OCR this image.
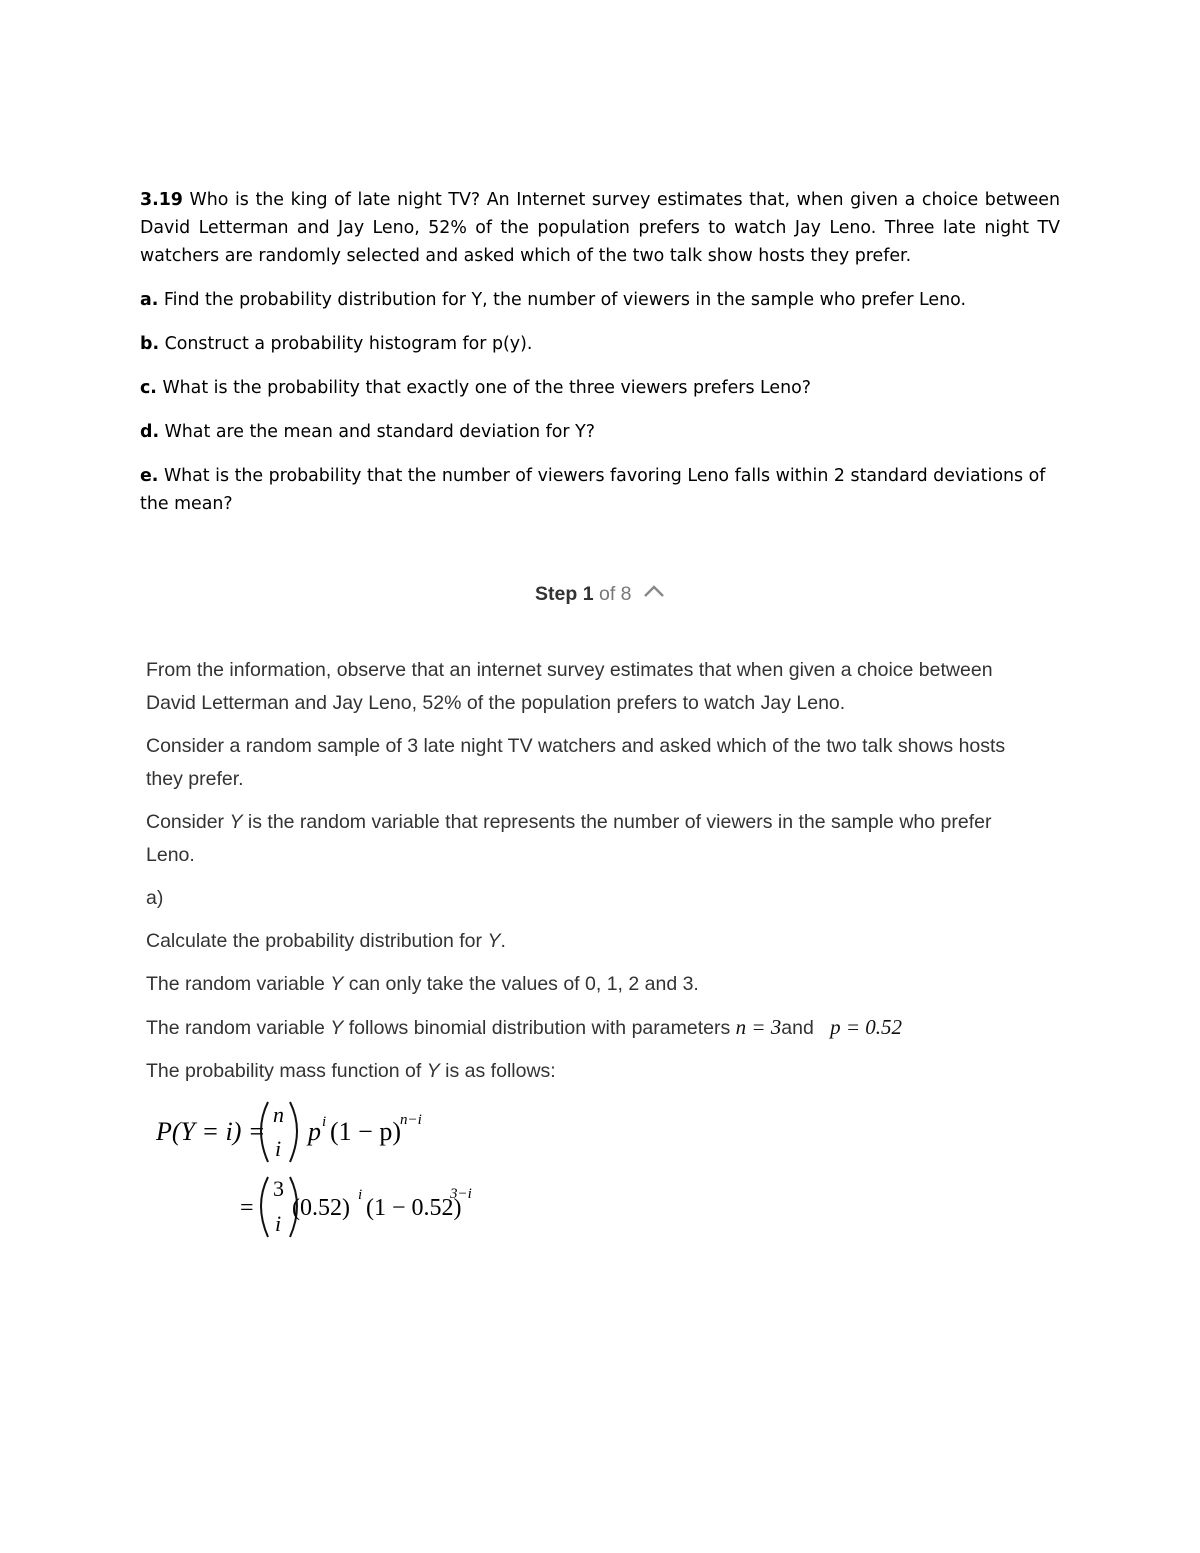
3.19 Who is the king of late night TV? An Internet survey estimates that, when given a choice between David Letterman and Jay Leno, 52% of the population prefers to watch Jay Leno. Three late night TV watchers are randomly selected and asked which of the two talk show hosts they prefer.

a. Find the probability distribution for Y, the number of viewers in the sample who prefer Leno.

b. Construct a probability histogram for p(y).

c. What is the probability that exactly one of the three viewers prefers Leno?

d. What are the mean and standard deviation for Y?

e. What is the probability that the number of viewers favoring Leno falls within 2 standard deviations of the mean?

Step 1 of 8

From the information, observe that an internet survey estimates that when given a choice between David Letterman and Jay Leno, 52% of the population prefers to watch Jay Leno.

Consider a random sample of 3 late night TV watchers and asked which of the two talk shows hosts they prefer.

Consider Y is the random variable that represents the number of viewers in the sample who prefer Leno.

a)

Calculate the probability distribution for Y.

The random variable Y can only take the values of 0, 1, 2 and 3.

The random variable Y follows binomial distribution with parameters n = 3and p = 0.52

The probability mass function of Y is as follows:

P(Y = i) =
n
i
p i (1 − p) n−i
=
3
i
(0.52) i (1 − 0.52)
3−i
